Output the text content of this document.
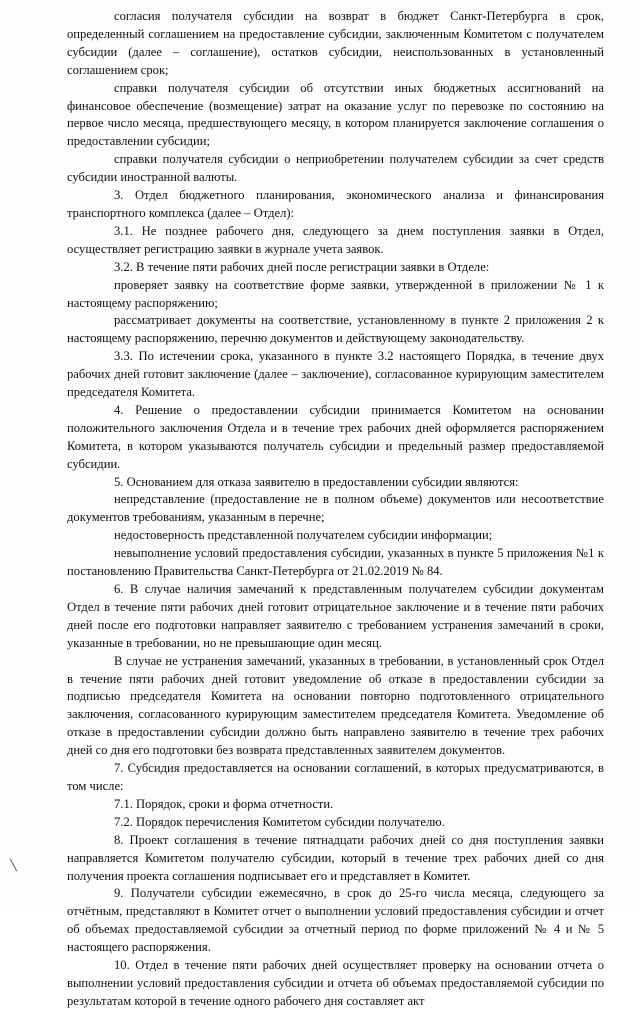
согласия получателя субсидии на возврат в бюджет Санкт-Петербурга в срок, определенный соглашением на предоставление субсидии, заключенным Комитетом с получателем субсидии (далее – соглашение), остатков субсидии, неиспользованных в установленный соглашением срок;

справки получателя субсидии об отсутствии иных бюджетных ассигнований на финансовое обеспечение (возмещение) затрат на оказание услуг по перевозке по состоянию на первое число месяца, предшествующего месяцу, в котором планируется заключение соглашения о предоставлении субсидии;

справки получателя субсидии о неприобретении получателем субсидии за счет средств субсидии иностранной валюты.

3. Отдел бюджетного планирования, экономического анализа и финансирования транспортного комплекса (далее – Отдел):

3.1. Не позднее рабочего дня, следующего за днем поступления заявки в Отдел, осуществляет регистрацию заявки в журнале учета заявок.

3.2. В течение пяти рабочих дней после регистрации заявки в Отделе:

проверяет заявку на соответствие форме заявки, утвержденной в приложении № 1 к настоящему распоряжению;

рассматривает документы на соответствие, установленному в пункте 2 приложения 2 к настоящему распоряжению, перечню документов и действующему законодательству.

3.3. По истечении срока, указанного в пункте 3.2 настоящего Порядка, в течение двух рабочих дней готовит заключение (далее – заключение), согласованное курирующим заместителем председателя Комитета.

4. Решение о предоставлении субсидии принимается Комитетом на основании положительного заключения Отдела и в течение трех рабочих дней оформляется распоряжением Комитета, в котором указываются получатель субсидии и предельный размер предоставляемой субсидии.

5. Основанием для отказа заявителю в предоставлении субсидии являются:

непредставление (предоставление не в полном объеме) документов или несоответствие документов требованиям, указанным в перечне;

недостоверность представленной получателем субсидии информации;

невыполнение условий предоставления субсидии, указанных в пункте 5 приложения №1 к постановлению Правительства Санкт-Петербурга от 21.02.2019 № 84.

6. В случае наличия замечаний к представленным получателем субсидии документам Отдел в течение пяти рабочих дней готовит отрицательное заключение и в течение пяти рабочих дней после его подготовки направляет заявителю с требованием устранения замечаний в сроки, указанные в требовании, но не превышающие один месяц.

В случае не устранения замечаний, указанных в требовании, в установленный срок Отдел в течение пяти рабочих дней готовит уведомление об отказе в предоставлении субсидии за подписью председателя Комитета на основании повторно подготовленного отрицательного заключения, согласованного курирующим заместителем председателя Комитета. Уведомление об отказе в предоставлении субсидии должно быть направлено заявителю в течение трех рабочих дней со дня его подготовки без возврата представленных заявителем документов.

7. Субсидия предоставляется на основании соглашений, в которых предусматриваются, в том числе:

7.1. Порядок, сроки и форма отчетности.

7.2. Порядок перечисления Комитетом субсидии получателю.

8. Проект соглашения в течение пятнадцати рабочих дней со дня поступления заявки направляется Комитетом получателю субсидии, который в течение трех рабочих дней со дня получения проекта соглашения подписывает его и представляет в Комитет.

9. Получатели субсидии ежемесячно, в срок до 25-го числа месяца, следующего за отчётным, представляют в Комитет отчет о выполнении условий предоставления субсидии и отчет об объемах предоставляемой субсидии за отчетный период по форме приложений № 4 и № 5 настоящего распоряжения.

10. Отдел в течение пяти рабочих дней осуществляет проверку на основании отчета о выполнении условий предоставления субсидии и отчета об объемах предоставляемой субсидии по результатам которой в течение одного рабочего дня составляет акт
